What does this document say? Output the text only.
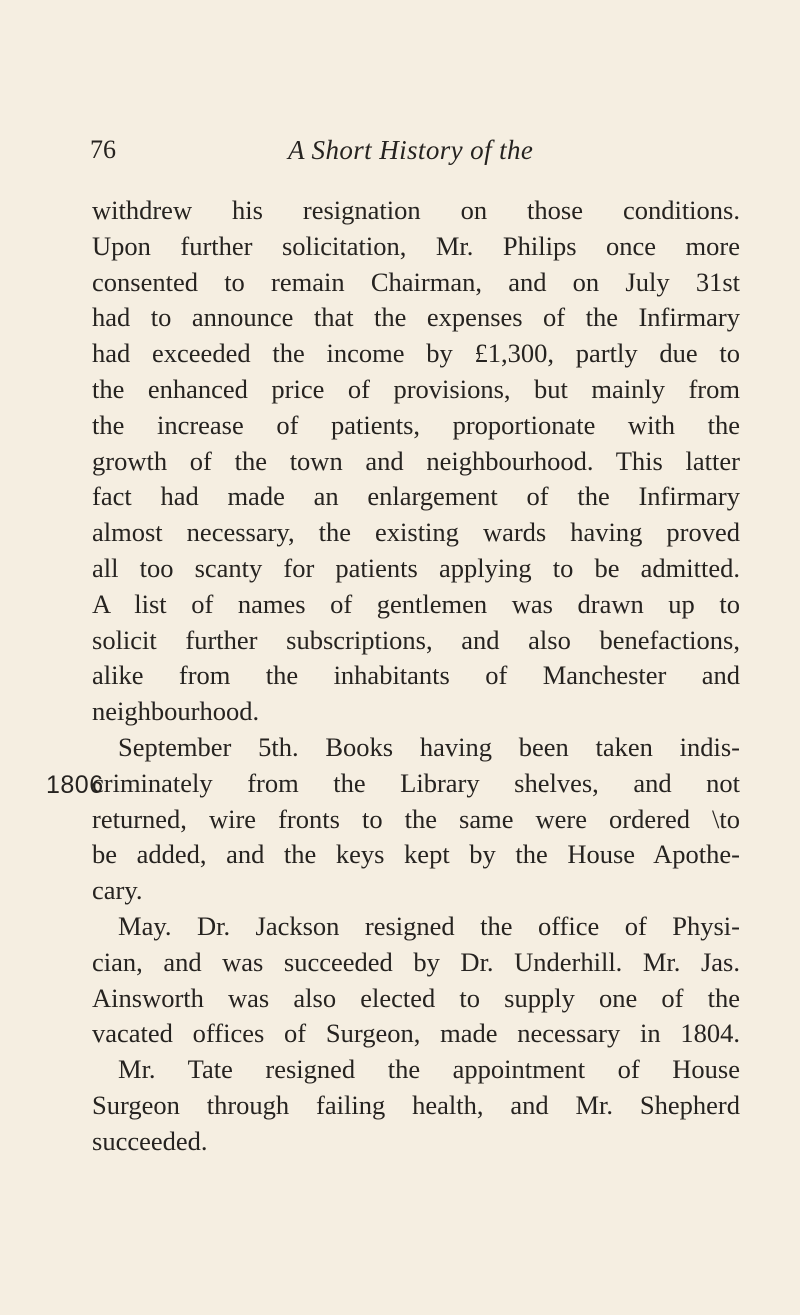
76	A Short History of the
1806
withdrew his resignation on those conditions.
Upon further solicitation, Mr. Philips once more
consented to remain Chairman, and on July 31st
had to announce that the expenses of the Infirmary
had exceeded the income by £1,300, partly due to
the enhanced price of provisions, but mainly from
the increase of patients, proportionate with the
growth of the town and neighbourhood. This latter
fact had made an enlargement of the Infirmary
almost necessary, the existing wards having proved
all too scanty for patients applying to be admitted.
A list of names of gentlemen was drawn up to
solicit further subscriptions, and also benefactions,
alike from the inhabitants of Manchester and
neighbourhood.
September 5th. Books having been taken indis-
criminately from the Library shelves, and not
returned, wire fronts to the same were ordered \to
be added, and the keys kept by the House Apothe-
cary.
May. Dr. Jackson resigned the office of Physi-
cian, and was succeeded by Dr. Underhill. Mr. Jas.
Ainsworth was also elected to supply one of the
vacated offices of Surgeon, made necessary in 1804.
Mr. Tate resigned the appointment of House
Surgeon through failing health, and Mr. Shepherd
succeeded.
